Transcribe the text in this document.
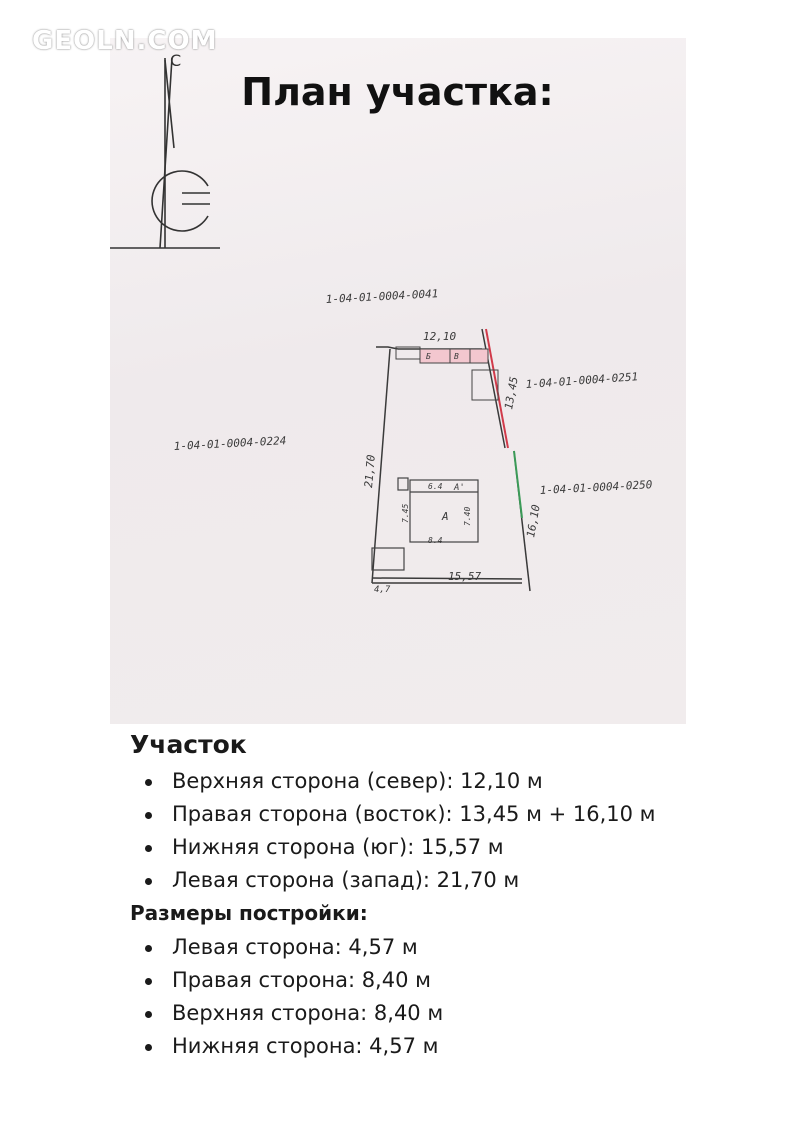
С
Б	В
A
A'
6.4
8.4
7.45	7.40
12,10
13,45
16,10
21,70
15,57
4,7
1-04-01-0004-0041
1-04-01-0004-0224
1-04-01-0004-0251
1-04-01-0004-0250
GEOLN.COM
План участка:
Участок
Верхняя сторона (север): 12,10 м
Правая сторона (восток): 13,45 м + 16,10 м
Нижняя сторона (юг): 15,57 м
Левая сторона (запад): 21,70 м
Размеры постройки:
Левая сторона: 4,57 м
Правая сторона: 8,40 м
Верхняя сторона: 8,40 м
Нижняя сторона: 4,57 м
